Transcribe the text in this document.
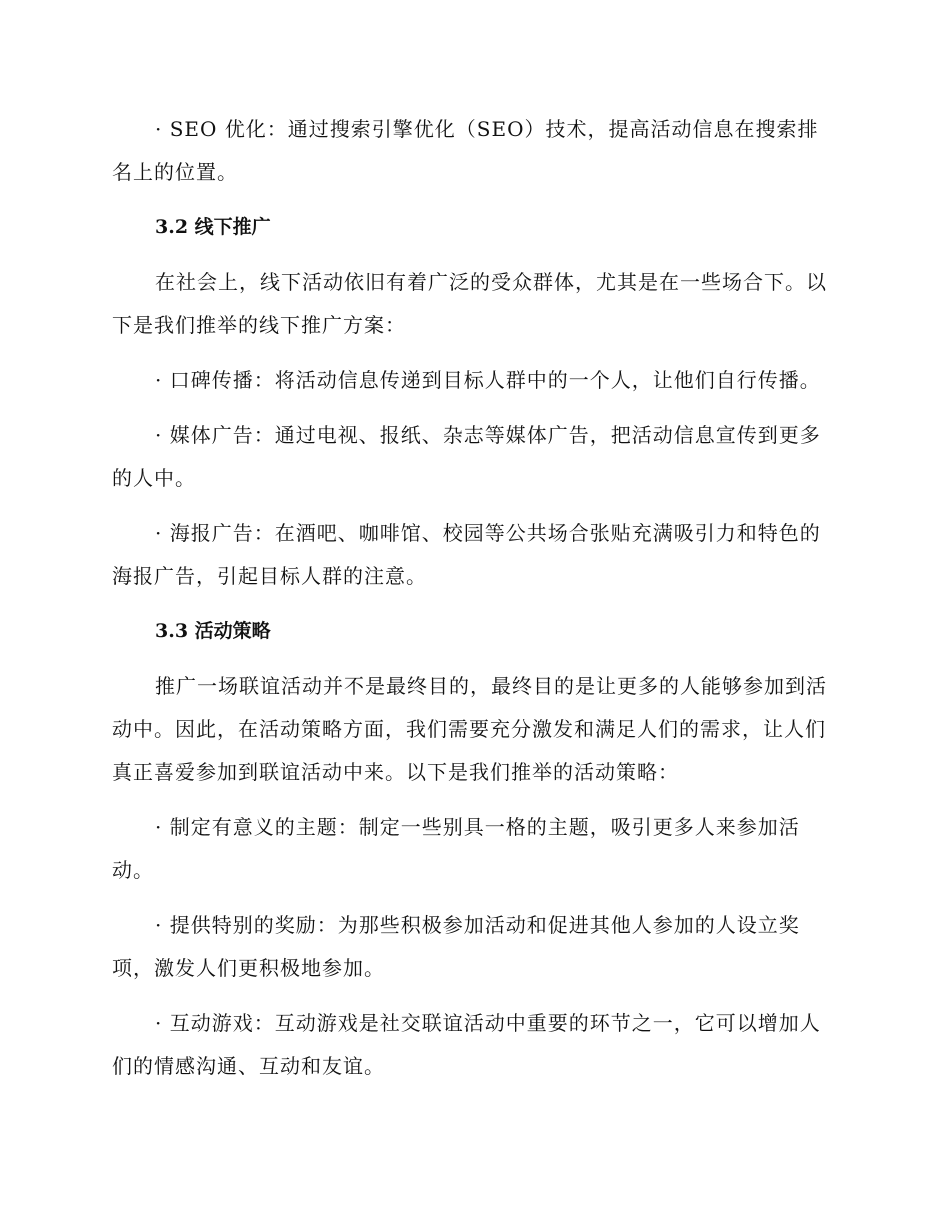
· SEO 优化：通过搜索引擎优化（SEO）技术，提高活动信息在搜索排名上的位置。

3.2 线下推广

在社会上，线下活动依旧有着广泛的受众群体，尤其是在一些场合下。以下是我们推举的线下推广方案：

· 口碑传播：将活动信息传递到目标人群中的一个人，让他们自行传播。

· 媒体广告：通过电视、报纸、杂志等媒体广告，把活动信息宣传到更多的人中。

· 海报广告：在酒吧、咖啡馆、校园等公共场合张贴充满吸引力和特色的海报广告，引起目标人群的注意。

3.3 活动策略

推广一场联谊活动并不是最终目的，最终目的是让更多的人能够参加到活动中。因此，在活动策略方面，我们需要充分激发和满足人们的需求，让人们真正喜爱参加到联谊活动中来。以下是我们推举的活动策略：

· 制定有意义的主题：制定一些别具一格的主题，吸引更多人来参加活动。

· 提供特别的奖励：为那些积极参加活动和促进其他人参加的人设立奖项，激发人们更积极地参加。

· 互动游戏：互动游戏是社交联谊活动中重要的环节之一，它可以增加人们的情感沟通、互动和友谊。
